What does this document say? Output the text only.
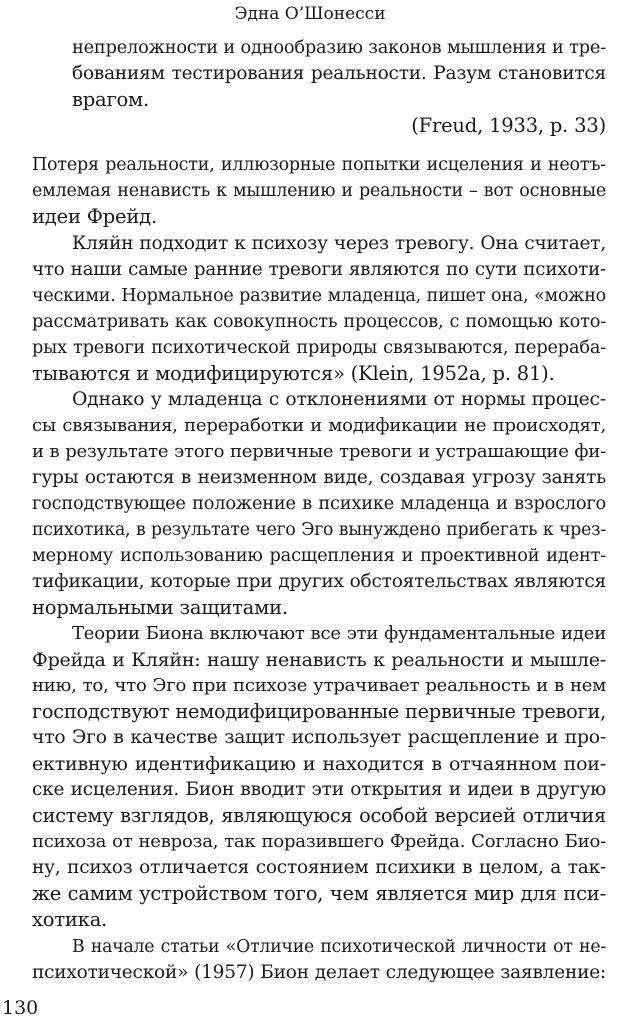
Эдна О’Шонесси
непреложности и однообразию законов мышления и тре-
бованиям тестирования реальности. Разум становится
врагом.
(Freud, 1933, p. 33)
Потеря реальности, иллюзорные попытки исцеления и неотъ-
емлемая ненависть к мышлению и реальности – вот основные
идеи Фрейд.
Кляйн подходит к психозу через тревогу. Она считает,
что наши самые ранние тревоги являются по сути психоти-
ческими. Нормальное развитие младенца, пишет она, «можно
рассматривать как совокупность процессов, с помощью кото-
рых тревоги психотической природы связываются, перераба-
тываются и модифицируются» (Klein, 1952a, p. 81).
Однако у младенца с отклонениями от нормы процес-
сы связывания, переработки и модификации не происходят,
и в результате этого первичные тревоги и устрашающие фи-
гуры остаются в неизменном виде, создавая угрозу занять
господствующее положение в психике младенца и взрослого
психотика, в результате чего Эго вынуждено прибегать к чрез-
мерному использованию расщепления и проективной идент-
тификации, которые при других обстоятельствах являются
нормальными защитами.
Теории Биона включают все эти фундаментальные идеи
Фрейда и Кляйн: нашу ненависть к реальности и мышле-
нию, то, что Эго при психозе утрачивает реальность и в нем
господствуют немодифицированные первичные тревоги,
что Эго в качестве защит использует расщепление и про-
ективную идентификацию и находится в отчаянном пои-
ске исцеления. Бион вводит эти открытия и идеи в другую
систему взглядов, являющуюся особой версией отличия
психоза от невроза, так поразившего Фрейда. Согласно Био-
ну, психоз отличается состоянием психики в целом, а так-
же самим устройством того, чем является мир для пси-
хотика.
В начале статьи «Отличие психотической личности от не-
психотической» (1957) Бион делает следующее заявление:
130
